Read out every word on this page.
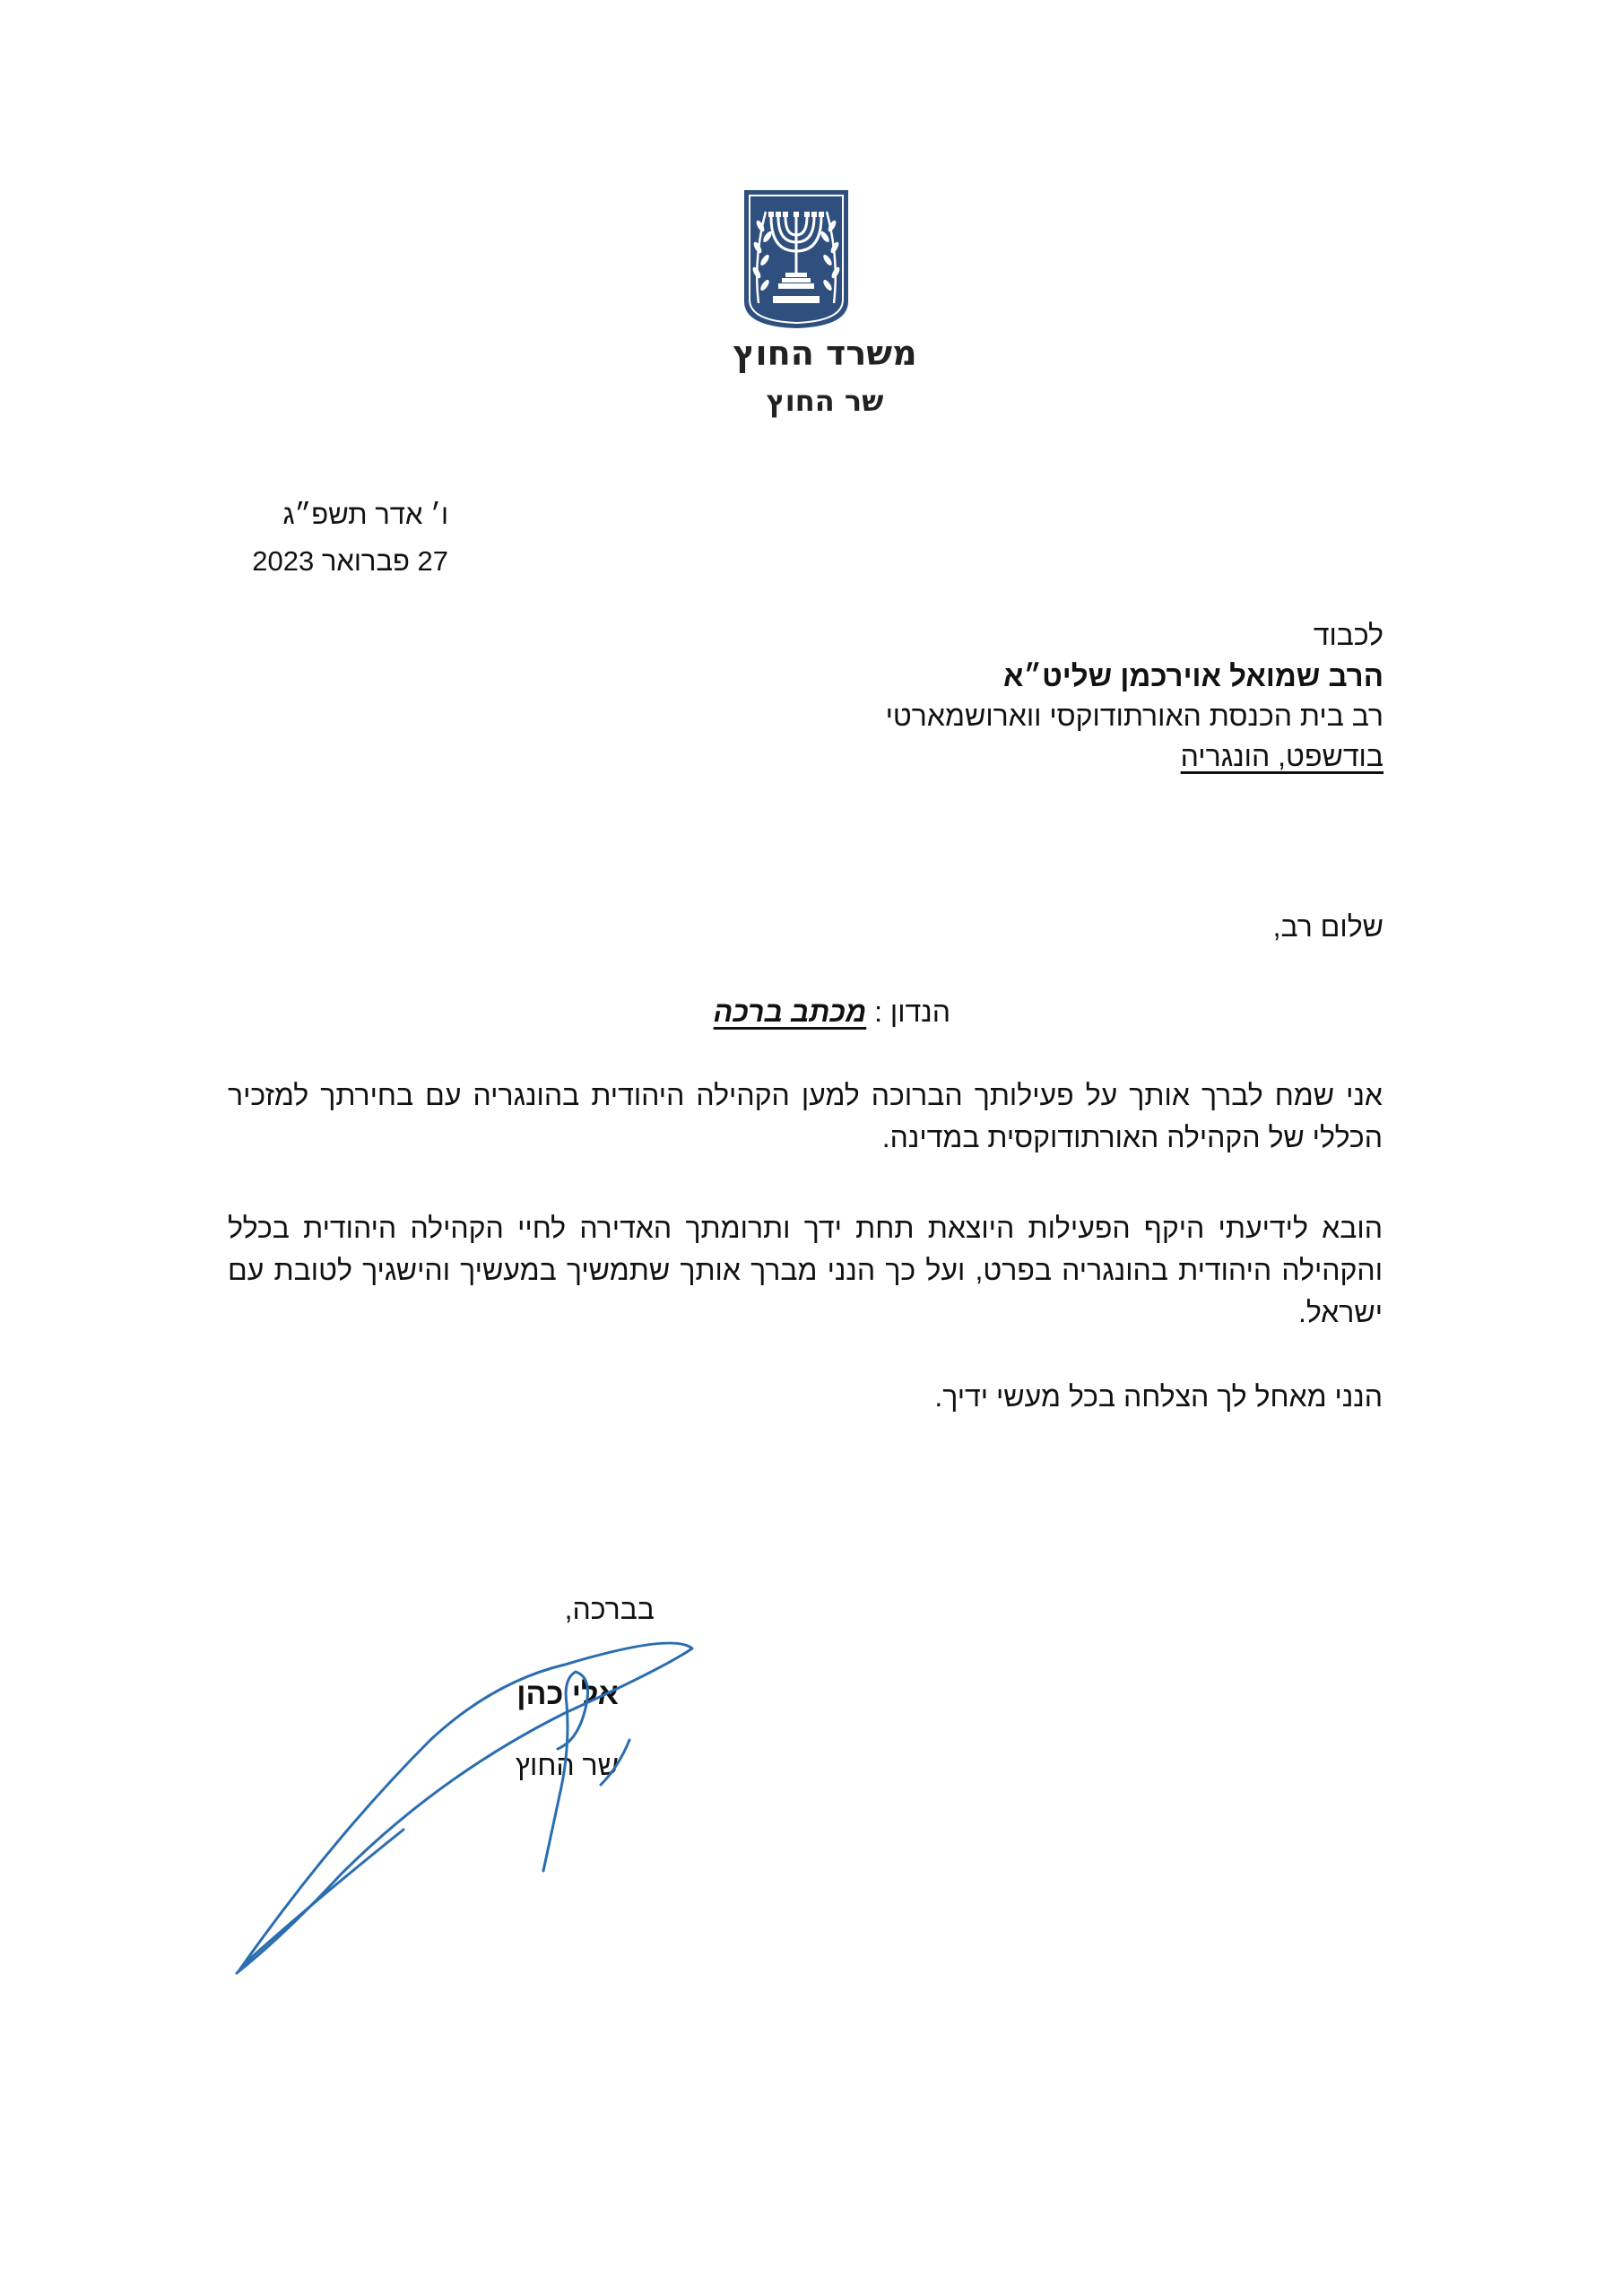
משרד החוץ
שר החוץ
ו׳ אדר תשפ״ג
27 פברואר 2023
לכבוד
הרב שמואל אוירכמן שליט״א
רב בית הכנסת האורתודוקסי ווארושמארטי
בודשפט, הונגריה
שלום רב,
הנדון : מכתב ברכה
אני שמח לברך אותך על פעילותך הברוכה למען הקהילה היהודית בהונגריה עם בחירתך למזכיר הכללי של הקהילה האורתודוקסית במדינה.
הובא לידיעתי היקף הפעילות היוצאת תחת ידך ותרומתך האדירה לחיי הקהילה היהודית בכלל והקהילה היהודית בהונגריה בפרט, ועל כך הנני מברך אותך שתמשיך במעשיך והישגיך לטובת עם ישראל.
הנני מאחל לך הצלחה בכל מעשי ידיך.
בברכה,
אלי כהן
שר החוץ
